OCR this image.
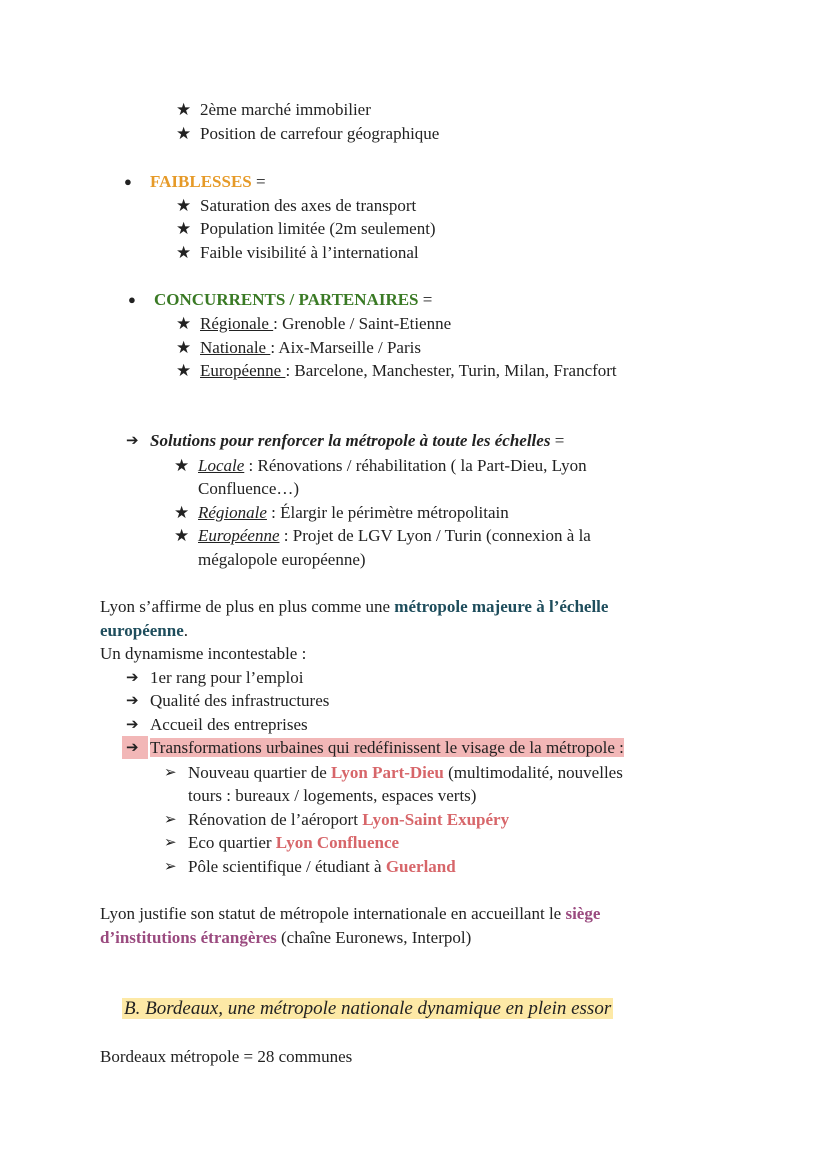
★ 2ème marché immobilier
★ Position de carrefour géographique
● FAIBLESSES =
★ Saturation des axes de transport
★ Population limitée (2m seulement)
★ Faible visibilité à l’international
● CONCURRENTS / PARTENAIRES =
★ Régionale : Grenoble / Saint-Etienne
★ Nationale : Aix-Marseille / Paris
★ Européenne : Barcelone, Manchester, Turin, Milan, Francfort
➔ Solutions pour renforcer la métropole à toute les échelles =
★ Locale : Rénovations / réhabilitation ( la Part-Dieu, Lyon
Confluence…)
★ Régionale : Élargir le périmètre métropolitain
★ Européenne : Projet de LGV Lyon / Turin (connexion à la
mégalopole européenne)
Lyon s’affirme de plus en plus comme une métropole majeure à l’échelle
européenne.
Un dynamisme incontestable :
➔ 1er rang pour l’emploi
➔ Qualité des infrastructures
➔ Accueil des entreprises
➔ Transformations urbaines qui redéfinissent le visage de la métropole :
➢ Nouveau quartier de Lyon Part-Dieu (multimodalité, nouvelles
tours : bureaux / logements, espaces verts)
➢ Rénovation de l’aéroport Lyon-Saint Exupéry
➢ Eco quartier Lyon Confluence
➢ Pôle scientifique / étudiant à Guerland
Lyon justifie son statut de métropole internationale en accueillant le siège
d’institutions étrangères (chaîne Euronews, Interpol)
B. Bordeaux, une métropole nationale dynamique en plein essor
Bordeaux métropole = 28 communes
